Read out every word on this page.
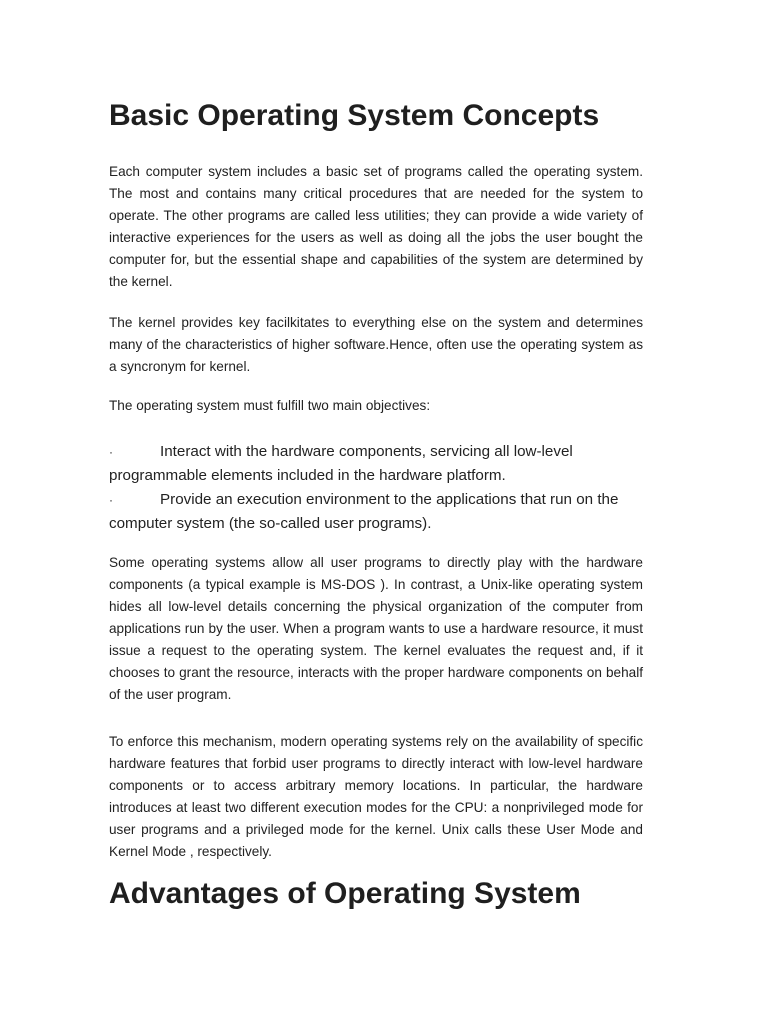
Basic Operating System Concepts

Each computer system includes a basic set of programs called the operating system. The most and contains many critical procedures that are needed for the system to operate. The other programs are called less utilities; they can provide a wide variety of interactive experiences for the users as well as doing all the jobs the user bought the computer for, but the essential shape and capabilities of the system are determined by the kernel.

The kernel provides key facilkitates to everything else on the system and determines many of the characteristics of higher software.Hence, often use the operating system as a syncronym for kernel.

The operating system must fulfill two main objectives:

·	Interact with the hardware components, servicing all low-level programmable elements included in the hardware platform.

·	Provide an execution environment to the applications that run on the computer system (the so-called user programs).

Some operating systems allow all user programs to directly play with the hardware components (a typical example is MS-DOS ). In contrast, a Unix-like operating system hides all low-level details concerning the physical organization of the computer from applications run by the user. When a program wants to use a hardware resource, it must issue a request to the operating system. The kernel evaluates the request and, if it chooses to grant the resource, interacts with the proper hardware components on behalf of the user program.

To enforce this mechanism, modern operating systems rely on the availability of specific hardware features that forbid user programs to directly interact with low-level hardware components or to access arbitrary memory locations. In particular, the hardware introduces at least two different execution modes for the CPU: a nonprivileged mode for user programs and a privileged mode for the kernel. Unix calls these User Mode and Kernel Mode , respectively.

Advantages of Operating System
